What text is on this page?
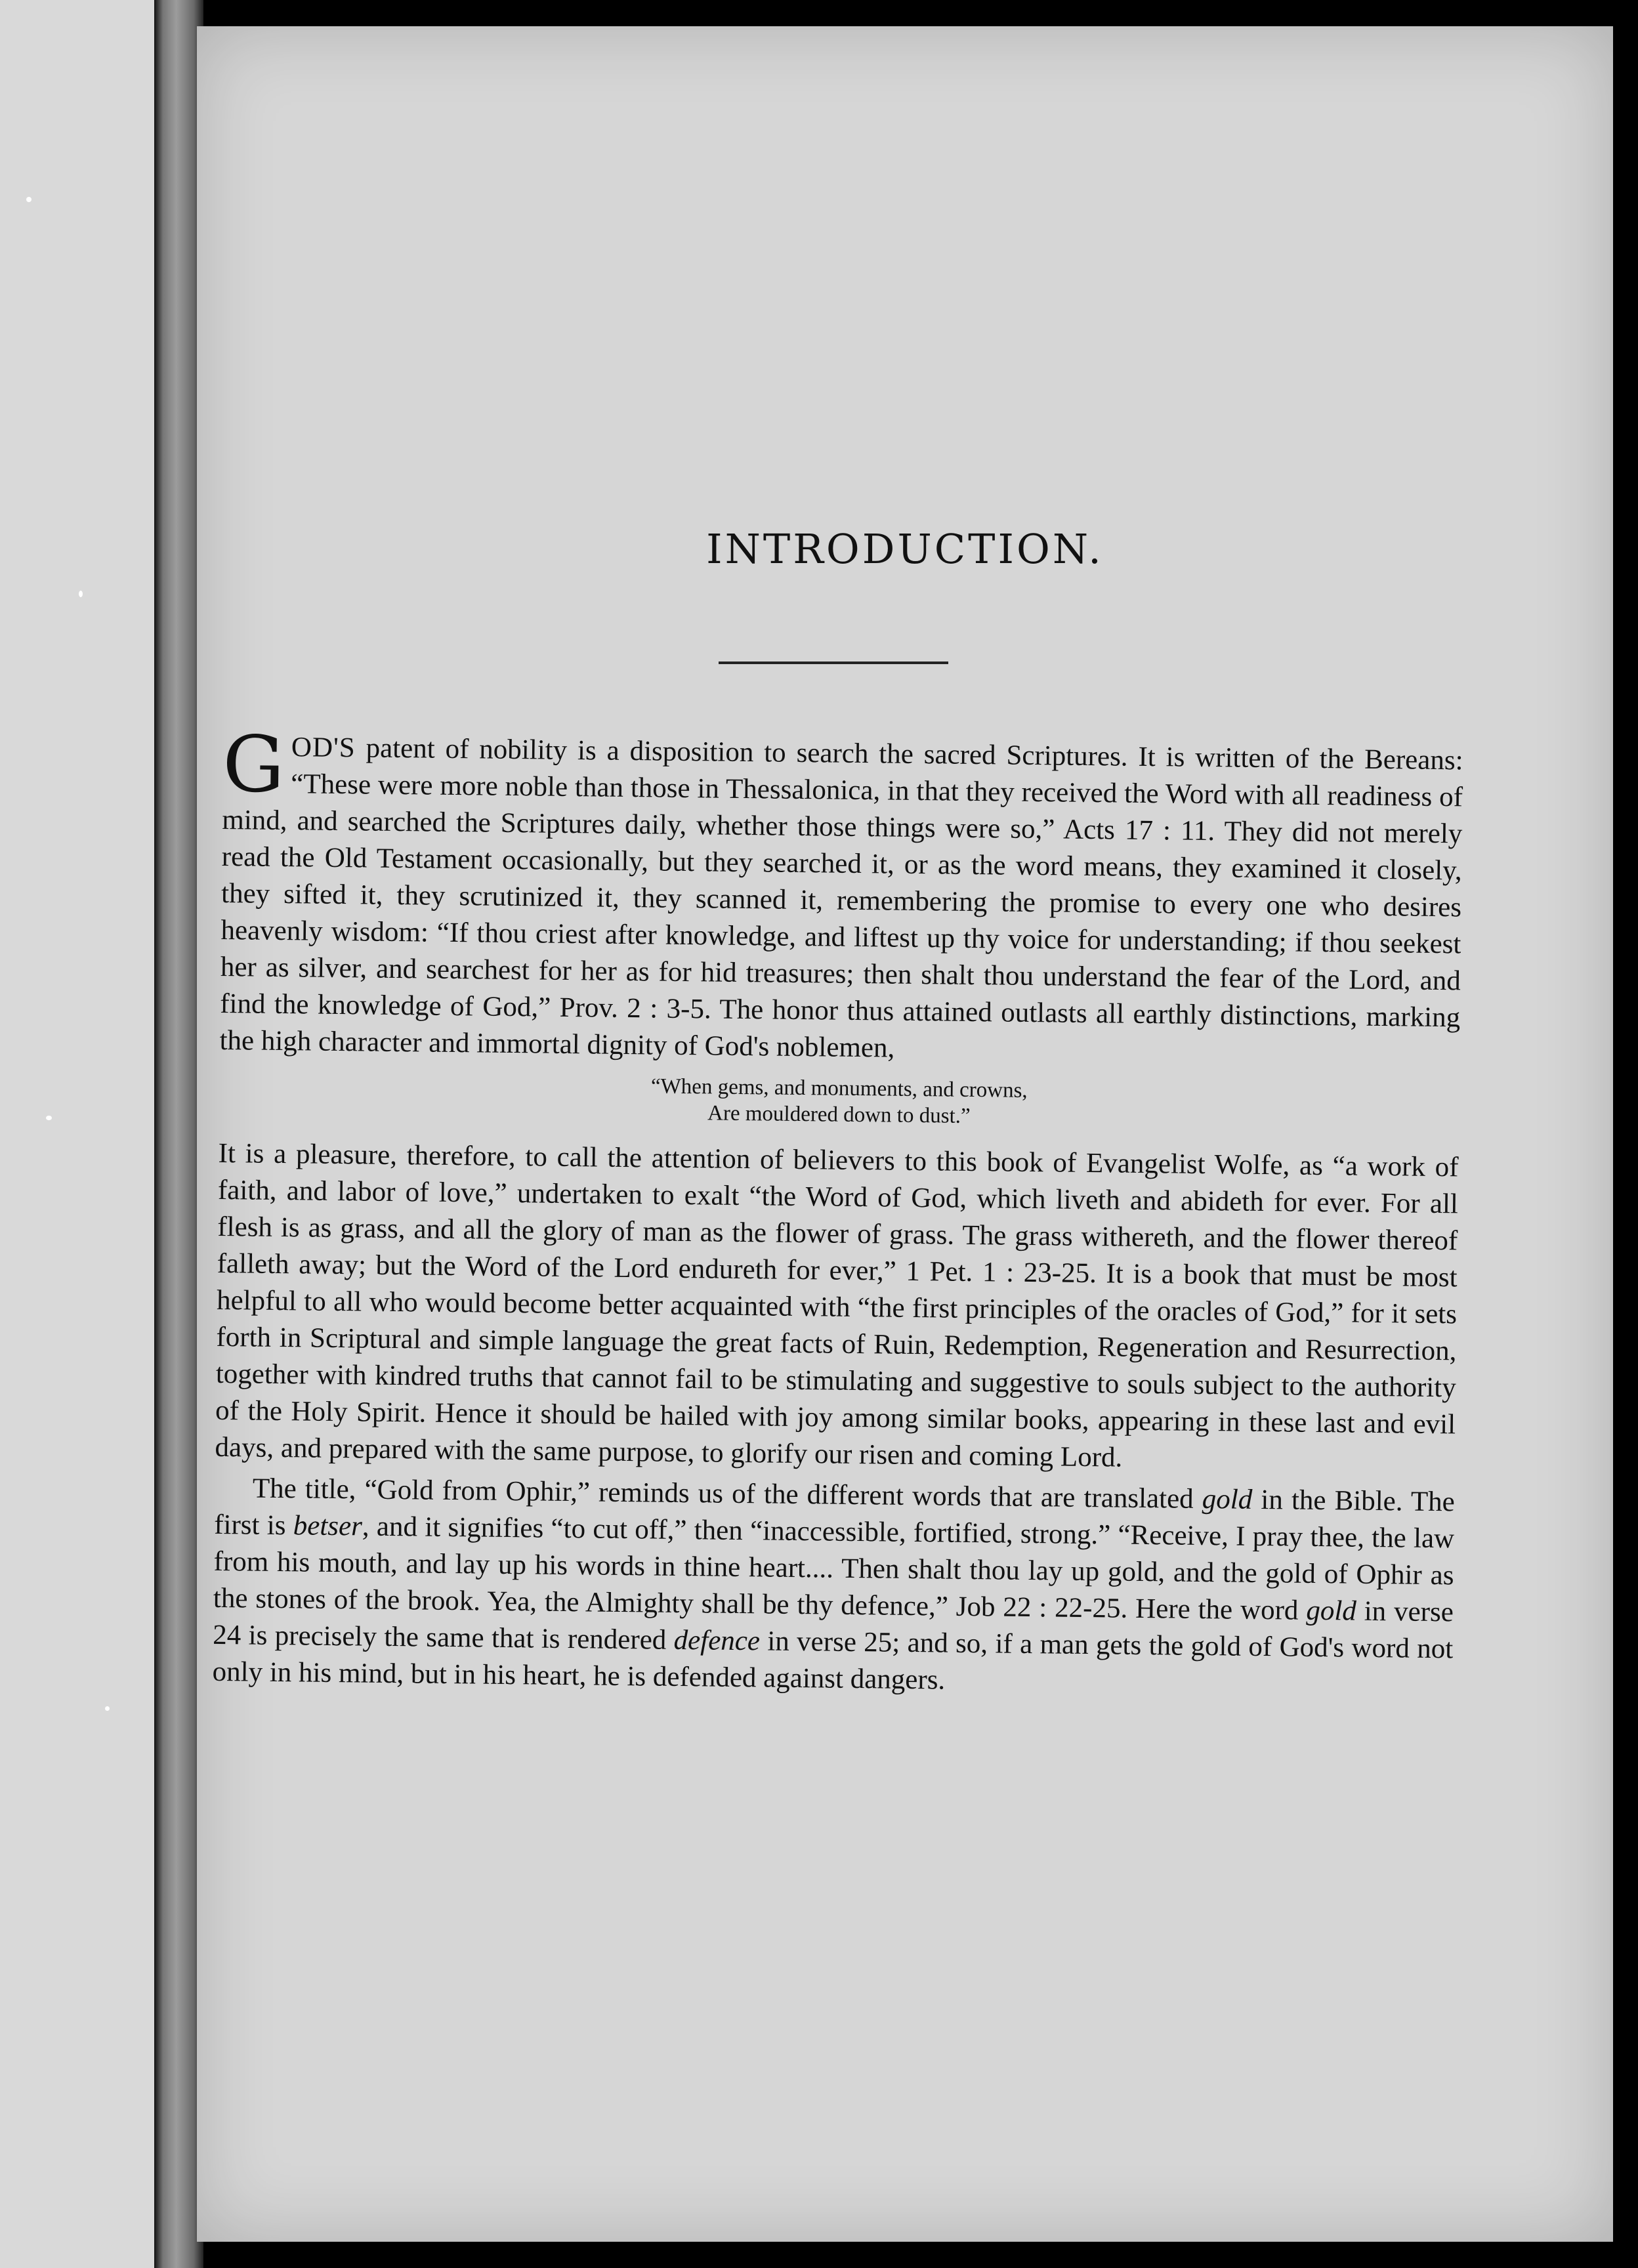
INTRODUCTION.

GOD'S patent of nobility is a disposition to search the sacred Scriptures. It is written of the Bereans: “These were more noble than those in Thessalonica, in that they received the Word with all readiness of mind, and searched the Scriptures daily, whether those things were so,” Acts 17 : 11. They did not merely read the Old Testament occasionally, but they searched it, or as the word means, they examined it closely, they sifted it, they scrutinized it, they scanned it, remembering the promise to every one who desires heavenly wisdom: “If thou criest after knowledge, and liftest up thy voice for understanding; if thou seekest her as silver, and searchest for her as for hid treasures; then shalt thou understand the fear of the Lord, and find the knowledge of God,” Prov. 2 : 3-5. The honor thus attained outlasts all earthly distinctions, marking the high character and immortal dignity of God's noblemen,

“When gems, and monuments, and crowns,
Are mouldered down to dust.”

It is a pleasure, therefore, to call the attention of believers to this book of Evangelist Wolfe, as “a work of faith, and labor of love,” undertaken to exalt “the Word of God, which liveth and abideth for ever. For all flesh is as grass, and all the glory of man as the flower of grass. The grass withereth, and the flower thereof falleth away; but the Word of the Lord endureth for ever,” 1 Pet. 1 : 23-25. It is a book that must be most helpful to all who would become better acquainted with “the first principles of the oracles of God,” for it sets forth in Scriptural and simple language the great facts of Ruin, Redemption, Regeneration and Resurrection, together with kindred truths that cannot fail to be stimulating and suggestive to souls subject to the authority of the Holy Spirit. Hence it should be hailed with joy among similar books, appearing in these last and evil days, and prepared with the same purpose, to glorify our risen and coming Lord.

The title, “Gold from Ophir,” reminds us of the different words that are translated gold in the Bible. The first is betser, and it signifies “to cut off,” then “inaccessible, fortified, strong.” “Receive, I pray thee, the law from his mouth, and lay up his words in thine heart.... Then shalt thou lay up gold, and the gold of Ophir as the stones of the brook. Yea, the Almighty shall be thy defence,” Job 22 : 22-25. Here the word gold in verse 24 is precisely the same that is rendered defence in verse 25; and so, if a man gets the gold of God's word not only in his mind, but in his heart, he is defended against dangers.
